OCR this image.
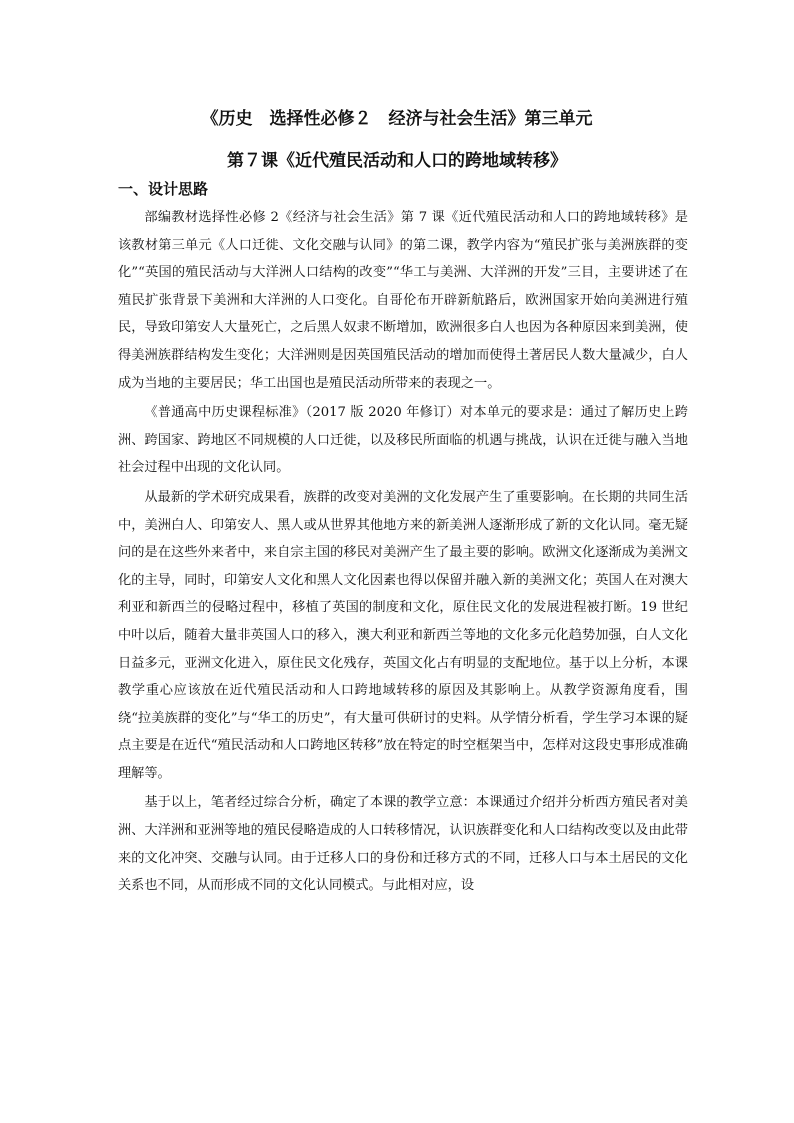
《历史　选择性必修２　经济与社会生活》第三单元
第７课《近代殖民活动和人口的跨地域转移》
一、设计思路

部编教材选择性必修 2《经济与社会生活》第 7 课《近代殖民活动和人口的跨地域转移》是该教材第三单元《人口迁徙、文化交融与认同》的第二课，教学内容为“殖民扩张与美洲族群的变化”“英国的殖民活动与大洋洲人口结构的改变”“华工与美洲、大洋洲的开发”三目，主要讲述了在殖民扩张背景下美洲和大洋洲的人口变化。自哥伦布开辟新航路后，欧洲国家开始向美洲进行殖民，导致印第安人大量死亡，之后黑人奴隶不断增加，欧洲很多白人也因为各种原因来到美洲，使得美洲族群结构发生变化；大洋洲则是因英国殖民活动的增加而使得土著居民人数大量减少，白人成为当地的主要居民；华工出国也是殖民活动所带来的表现之一。

《普通高中历史课程标准》（2017 版 2020 年修订）对本单元的要求是：通过了解历史上跨洲、跨国家、跨地区不同规模的人口迁徙，以及移民所面临的机遇与挑战，认识在迁徙与融入当地社会过程中出现的文化认同。

从最新的学术研究成果看，族群的改变对美洲的文化发展产生了重要影响。在长期的共同生活中，美洲白人、印第安人、黑人或从世界其他地方来的新美洲人逐渐形成了新的文化认同。毫无疑问的是在这些外来者中，来自宗主国的移民对美洲产生了最主要的影响。欧洲文化逐渐成为美洲文化的主导，同时，印第安人文化和黑人文化因素也得以保留并融入新的美洲文化；英国人在对澳大利亚和新西兰的侵略过程中，移植了英国的制度和文化，原住民文化的发展进程被打断。19 世纪中叶以后，随着大量非英国人口的移入，澳大利亚和新西兰等地的文化多元化趋势加强，白人文化日益多元，亚洲文化进入，原住民文化残存，英国文化占有明显的支配地位。基于以上分析，本课教学重心应该放在近代殖民活动和人口跨地域转移的原因及其影响上。从教学资源角度看，围绕“拉美族群的变化”与“华工的历史”，有大量可供研讨的史料。从学情分析看，学生学习本课的疑点主要是在近代“殖民活动和人口跨地区转移”放在特定的时空框架当中，怎样对这段史事形成准确理解等。

基于以上，笔者经过综合分析，确定了本课的教学立意：本课通过介绍并分析西方殖民者对美洲、大洋洲和亚洲等地的殖民侵略造成的人口转移情况，认识族群变化和人口结构改变以及由此带来的文化冲突、交融与认同。由于迁移人口的身份和迁移方式的不同，迁移人口与本土居民的文化关系也不同，从而形成不同的文化认同模式。与此相对应，设
